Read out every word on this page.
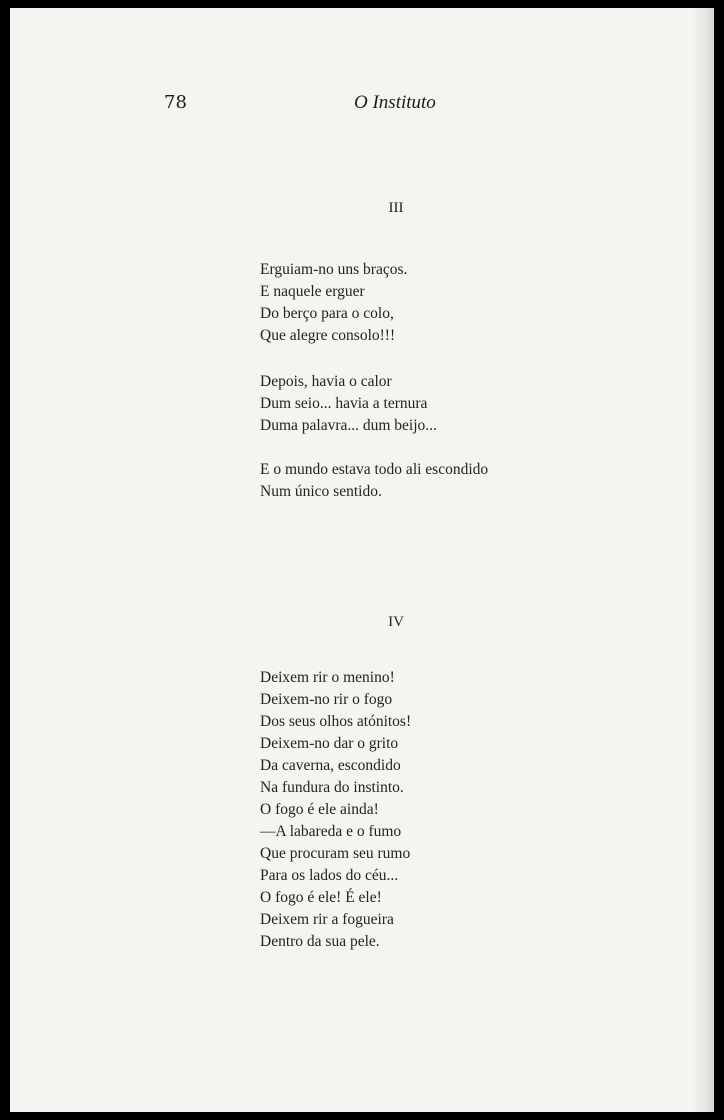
78	O Instituto
III
Erguiam-no uns braços.
E naquele erguer
Do berço para o colo,
Que alegre consolo!!!
Depois, havia o calor
Dum seio... havia a ternura
Duma palavra... dum beijo...
E o mundo estava todo ali escondido
Num único sentido.
IV
Deixem rir o menino!
Deixem-no rir o fogo
Dos seus olhos atónitos!
Deixem-no dar o grito
Da caverna, escondido
Na fundura do instinto.
O fogo é ele ainda!
—A labareda e o fumo
Que procuram seu rumo
Para os lados do céu...
O fogo é ele! É ele!
Deixem rir a fogueira
Dentro da sua pele.
